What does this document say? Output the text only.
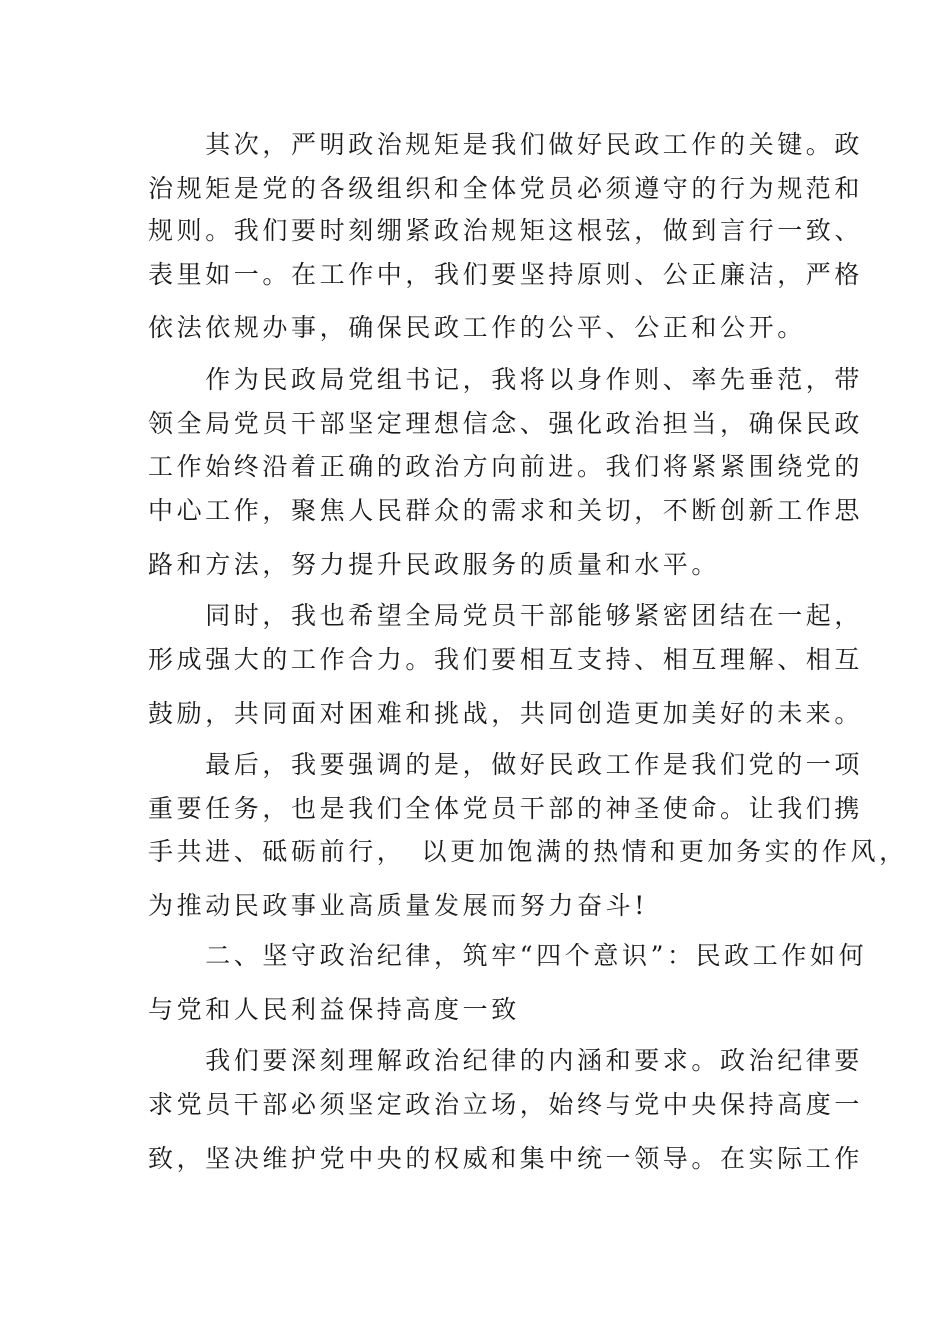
　　其次，严明政治规矩是我们做好民政工作的关键。政
治规矩是党的各级组织和全体党员必须遵守的行为规范和
规则。我们要时刻绷紧政治规矩这根弦，做到言行一致、
表里如一。在工作中，我们要坚持原则、公正廉洁，严格
依法依规办事，确保民政工作的公平、公正和公开。
　　作为民政局党组书记，我将以身作则、率先垂范，带
领全局党员干部坚定理想信念、强化政治担当，确保民政
工作始终沿着正确的政治方向前进。我们将紧紧围绕党的
中心工作，聚焦人民群众的需求和关切，不断创新工作思
路和方法，努力提升民政服务的质量和水平。
　　同时，我也希望全局党员干部能够紧密团结在一起，
形成强大的工作合力。我们要相互支持、相互理解、相互
鼓励，共同面对困难和挑战，共同创造更加美好的未来。
　　最后，我要强调的是，做好民政工作是我们党的一项
重要任务，也是我们全体党员干部的神圣使命。让我们携
手共进、砥砺前行，　以更加饱满的热情和更加务实的作风，
为推动民政事业高质量发展而努力奋斗!
　　二、坚守政治纪律，筑牢“四个意识”：民政工作如何
与党和人民利益保持高度一致
　　我们要深刻理解政治纪律的内涵和要求。政治纪律要
求党员干部必须坚定政治立场，始终与党中央保持高度一
致，坚决维护党中央的权威和集中统一领导。在实际工作
